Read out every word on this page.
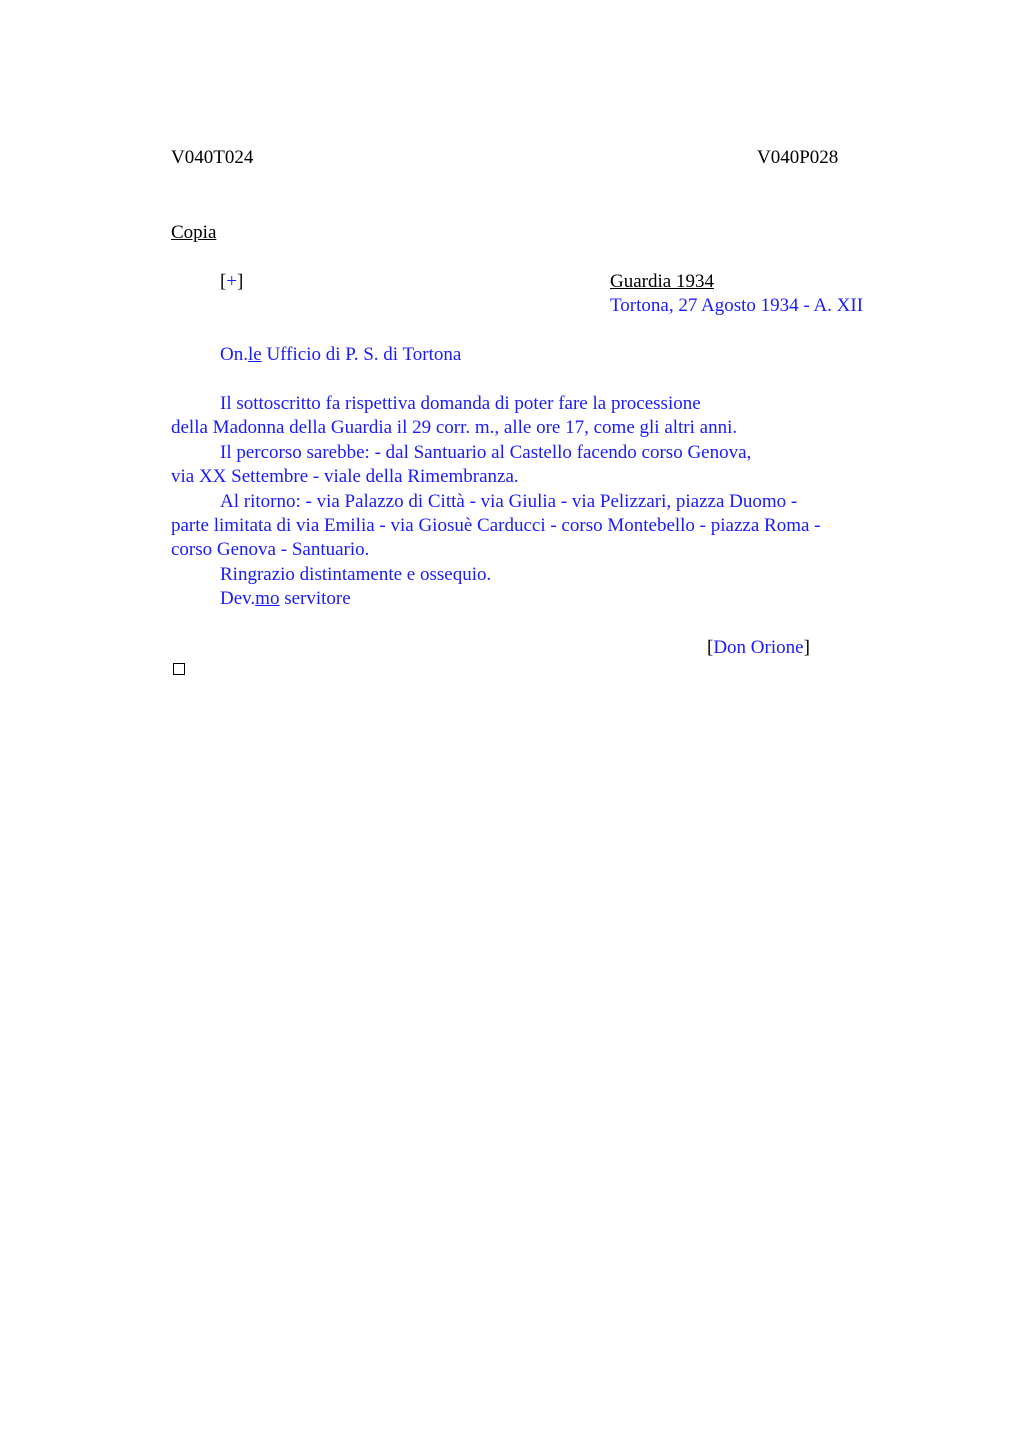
V040T024	V040P028
Copia
[+]	Guardia 1934
Tortona, 27 Agosto 1934 - A. XII
On.le Ufficio di P. S. di Tortona
Il sottoscritto fa rispettiva domanda di poter fare la processione
della Madonna della Guardia il 29 corr. m., alle ore 17, come gli altri anni.
Il percorso sarebbe: - dal Santuario al Castello facendo corso Genova,
via XX Settembre - viale della Rimembranza.
Al ritorno: - via Palazzo di Città - via Giulia - via Pelizzari, piazza Duomo -
parte limitata di via Emilia - via Giosuè Carducci - corso Montebello - piazza Roma -
corso Genova - Santuario.
Ringrazio distintamente e ossequio.
Dev.mo servitore
[Don Orione]
